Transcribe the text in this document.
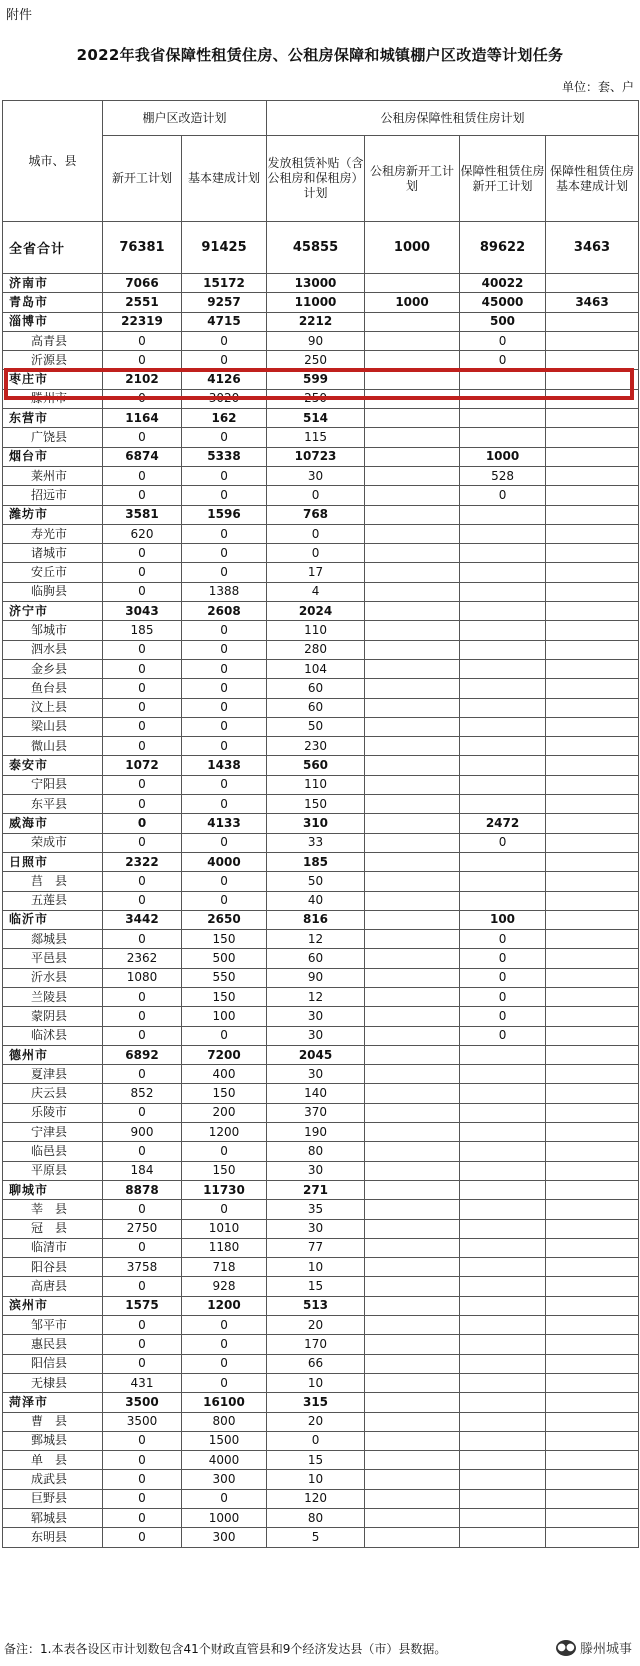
附件
2022年我省保障性租赁住房、公租房保障和城镇棚户区改造等计划任务
单位：套、户
城市、县	棚户区改造计划		公租房保障性租赁住房计划			
	新开工计划	基本建成计划	发放租赁补贴（含公租房和保租房）计划	公租房新开工计划	保障性租赁住房新开工计划	保障性租赁住房基本建成计划
全省合计	76381	91425	45855	1000	89622	3463
济南市	7066	15172	13000		40022	
青岛市	2551	9257	11000	1000	45000	3463
淄博市	22319	4715	2212		500	
高青县	0	0	90		0	
沂源县	0	0	250		0	
枣庄市	2102	4126	599			
滕州市	0	3020	250			
东营市	1164	162	514			
广饶县	0	0	115			
烟台市	6874	5338	10723		1000	
莱州市	0	0	30		528	
招远市	0	0	0		0	
潍坊市	3581	1596	768			
寿光市	620	0	0			
诸城市	0	0	0			
安丘市	0	0	17			
临朐县	0	1388	4			
济宁市	3043	2608	2024			
邹城市	185	0	110			
泗水县	0	0	280			
金乡县	0	0	104			
鱼台县	0	0	60			
汶上县	0	0	60			
梁山县	0	0	50			
微山县	0	0	230			
泰安市	1072	1438	560			
宁阳县	0	0	110			
东平县	0	0	150			
威海市	0	4133	310		2472	
荣成市	0	0	33		0	
日照市	2322	4000	185			
莒　县	0	0	50			
五莲县	0	0	40			
临沂市	3442	2650	816		100	
郯城县	0	150	12		0	
平邑县	2362	500	60		0	
沂水县	1080	550	90		0	
兰陵县	0	150	12		0	
蒙阴县	0	100	30		0	
临沭县	0	0	30		0	
德州市	6892	7200	2045			
夏津县	0	400	30			
庆云县	852	150	140			
乐陵市	0	200	370			
宁津县	900	1200	190			
临邑县	0	0	80			
平原县	184	150	30			
聊城市	8878	11730	271			
莘　县	0	0	35			
冠　县	2750	1010	30			
临清市	0	1180	77			
阳谷县	3758	718	10			
高唐县	0	928	15			
滨州市	1575	1200	513			
邹平市	0	0	20			
惠民县	0	0	170			
阳信县	0	0	66			
无棣县	431	0	10			
菏泽市	3500	16100	315			
曹　县	3500	800	20			
鄄城县	0	1500	0			
单　县	0	4000	15			
成武县	0	300	10			
巨野县	0	0	120			
郓城县	0	1000	80			
东明县	0	300	5			
备注：1.本表各设区市计划数包含41个财政直管县和9个经济发达县（市）县数据。	●● 滕州城事
